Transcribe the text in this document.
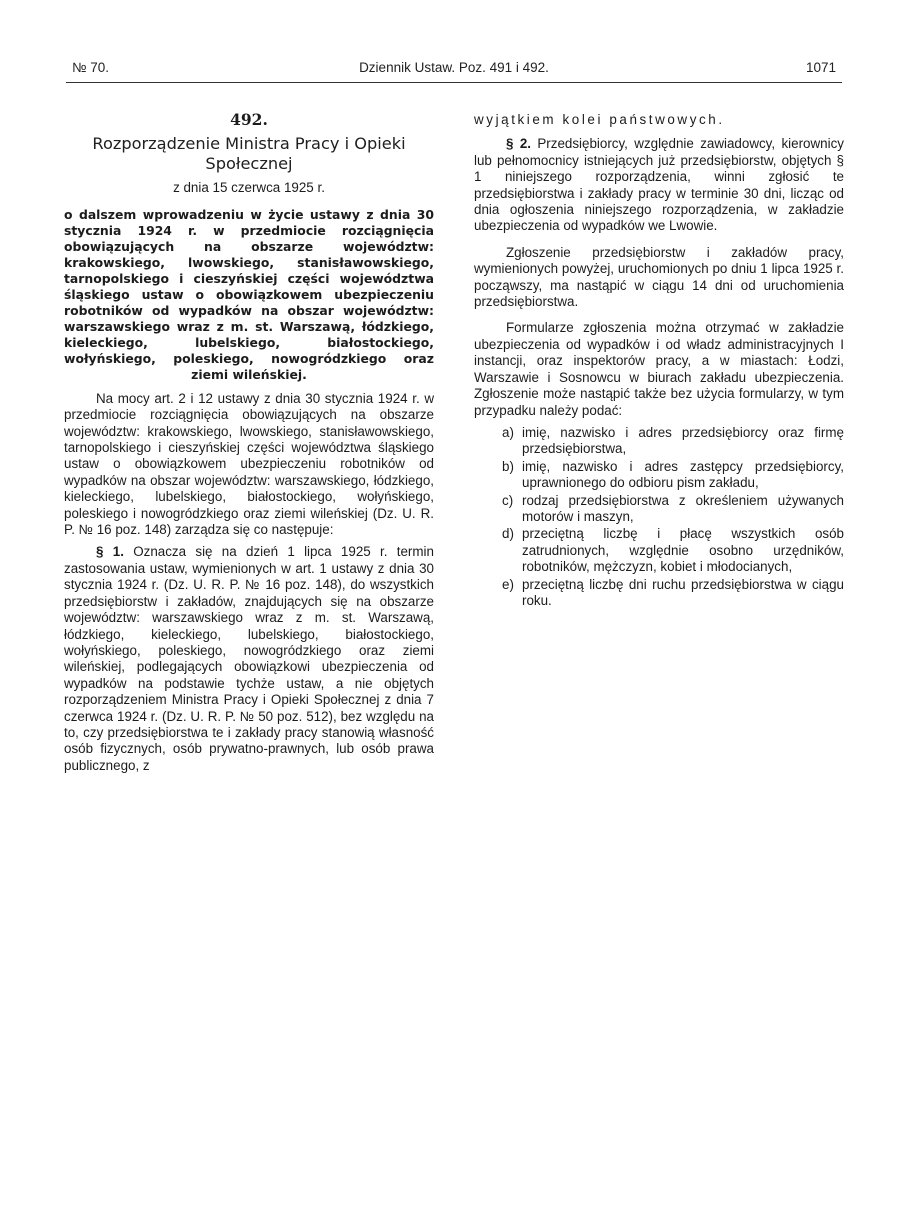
№ 70.	Dziennik Ustaw. Poz. 491 i 492.	1071
492.
Rozporządzenie Ministra Pracy i Opieki Społecznej
z dnia 15 czerwca 1925 r.
o dalszem wprowadzeniu w życie ustawy z dnia 30 stycznia 1924 r. w przedmiocie rozciągnięcia obowiązujących na obszarze województw: krakowskiego, lwowskiego, stanisławowskiego, tarnopolskiego i cieszyńskiej części województwa śląskiego ustaw o obowiązkowem ubezpieczeniu robotników od wypadków na obszar województw: warszawskiego wraz z m. st. Warszawą, łódzkiego, kieleckiego, lubelskiego, białostockiego, wołyńskiego, poleskiego, nowogródzkiego oraz ziemi wileńskiej.

Na mocy art. 2 i 12 ustawy z dnia 30 stycznia 1924 r. w przedmiocie rozciągnięcia obowiązujących na obszarze województw: krakowskiego, lwowskiego, stanisławowskiego, tarnopolskiego i cieszyńskiej części województwa śląskiego ustaw o obowiązkowem ubezpieczeniu robotników od wypadków na obszar województw: warszawskiego, łódzkiego, kieleckiego, lubelskiego, białostockiego, wołyńskiego, poleskiego i nowogródzkiego oraz ziemi wileńskiej (Dz. U. R. P. № 16 poz. 148) zarządza się co następuje:

§ 1. Oznacza się na dzień 1 lipca 1925 r. termin zastosowania ustaw, wymienionych w art. 1 ustawy z dnia 30 stycznia 1924 r. (Dz. U. R. P. № 16 poz. 148), do wszystkich przedsiębiorstw i zakładów, znajdujących się na obszarze województw: warszawskiego wraz z m. st. Warszawą, łódzkiego, kieleckiego, lubelskiego, białostockiego, wołyńskiego, poleskiego, nowogródzkiego oraz ziemi wileńskiej, podlegających obowiązkowi ubezpieczenia od wypadków na podstawie tychże ustaw, a nie objętych rozporządzeniem Ministra Pracy i Opieki Społecznej z dnia 7 czerwca 1924 r. (Dz. U. R. P. № 50 poz. 512), bez względu na to, czy przedsiębiorstwa te i zakłady pracy stanowią własność osób fizycznych, osób prywatno-prawnych, lub osób prawa publicznego, z

wyjątkiem kolei państwowych.

§ 2. Przedsiębiorcy, względnie zawiadowcy, kierownicy lub pełnomocnicy istniejących już przedsiębiorstw, objętych § 1 niniejszego rozporządzenia, winni zgłosić te przedsiębiorstwa i zakłady pracy w terminie 30 dni, licząc od dnia ogłoszenia niniejszego rozporządzenia, w zakładzie ubezpieczenia od wypadków we Lwowie.

Zgłoszenie przedsiębiorstw i zakładów pracy, wymienionych powyżej, uruchomionych po dniu 1 lipca 1925 r. począwszy, ma nastąpić w ciągu 14 dni od uruchomienia przedsiębiorstwa.

Formularze zgłoszenia można otrzymać w zakładzie ubezpieczenia od wypadków i od władz administracyjnych I instancji, oraz inspektorów pracy, a w miastach: Łodzi, Warszawie i Sosnowcu w biurach zakładu ubezpieczenia. Zgłoszenie może nastąpić także bez użycia formularzy, w tym przypadku należy podać:

a) imię, nazwisko i adres przedsiębiorcy oraz firmę przedsiębiorstwa,
b) imię, nazwisko i adres zastępcy przedsiębiorcy, uprawnionego do odbioru pism zakładu,
c) rodzaj przedsiębiorstwa z określeniem używanych motorów i maszyn,
d) przeciętną liczbę i płacę wszystkich osób zatrudnionych, względnie osobno urzędników, robotników, mężczyzn, kobiet i młodocianych,
e) przeciętną liczbę dni ruchu przedsiębiorstwa w ciągu roku.
